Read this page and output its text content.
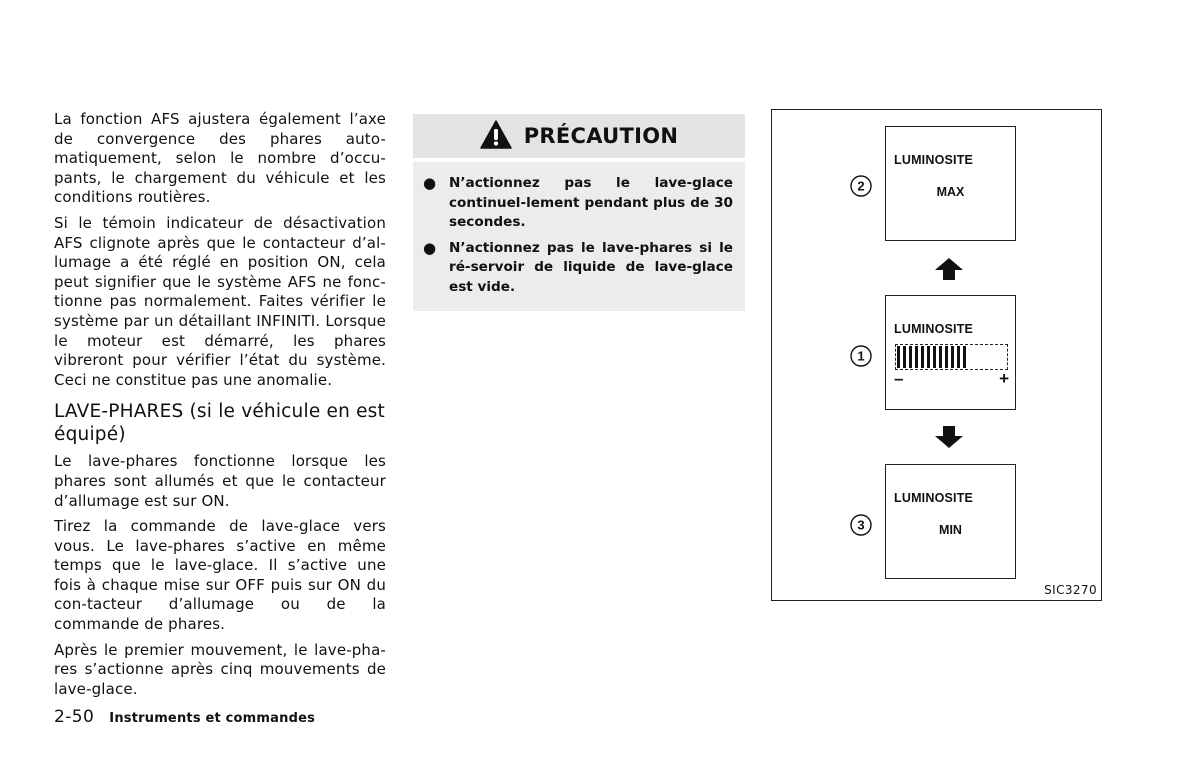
La fonction AFS ajustera également l’axe de convergence des phares auto-matiquement, selon le nombre d’occu-pants, le chargement du véhicule et les conditions routières.

Si le témoin indicateur de désactivation AFS clignote après que le contacteur d’al-lumage a été réglé en position ON, cela peut signifier que le système AFS ne fonc-tionne pas normalement. Faites vérifier le système par un détaillant INFINITI. Lorsque le moteur est démarré, les phares vibreront pour vérifier l’état du système. Ceci ne constitue pas une anomalie.

LAVE-PHARES (si le véhicule en est équipé)

Le lave-phares fonctionne lorsque les phares sont allumés et que le contacteur d’allumage est sur ON.

Tirez la commande de lave-glace vers vous. Le lave-phares s’active en même temps que le lave-glace. Il s’active une fois à chaque mise sur OFF puis sur ON du con-tacteur d’allumage ou de la commande de phares.

Après le premier mouvement, le lave-pha-res s’actionne après cinq mouvements de lave-glace.

2-50 Instruments et commandes
PRÉCAUTION
● N’actionnez pas le lave-glace continuel-lement pendant plus de 30 secondes.
● N’actionnez pas le lave-phares si le ré-servoir de liquide de lave-glace est vide.
2
LUMINOSITE
MAX
1
LUMINOSITE
–	+
3
LUMINOSITE
MIN
SIC3270
